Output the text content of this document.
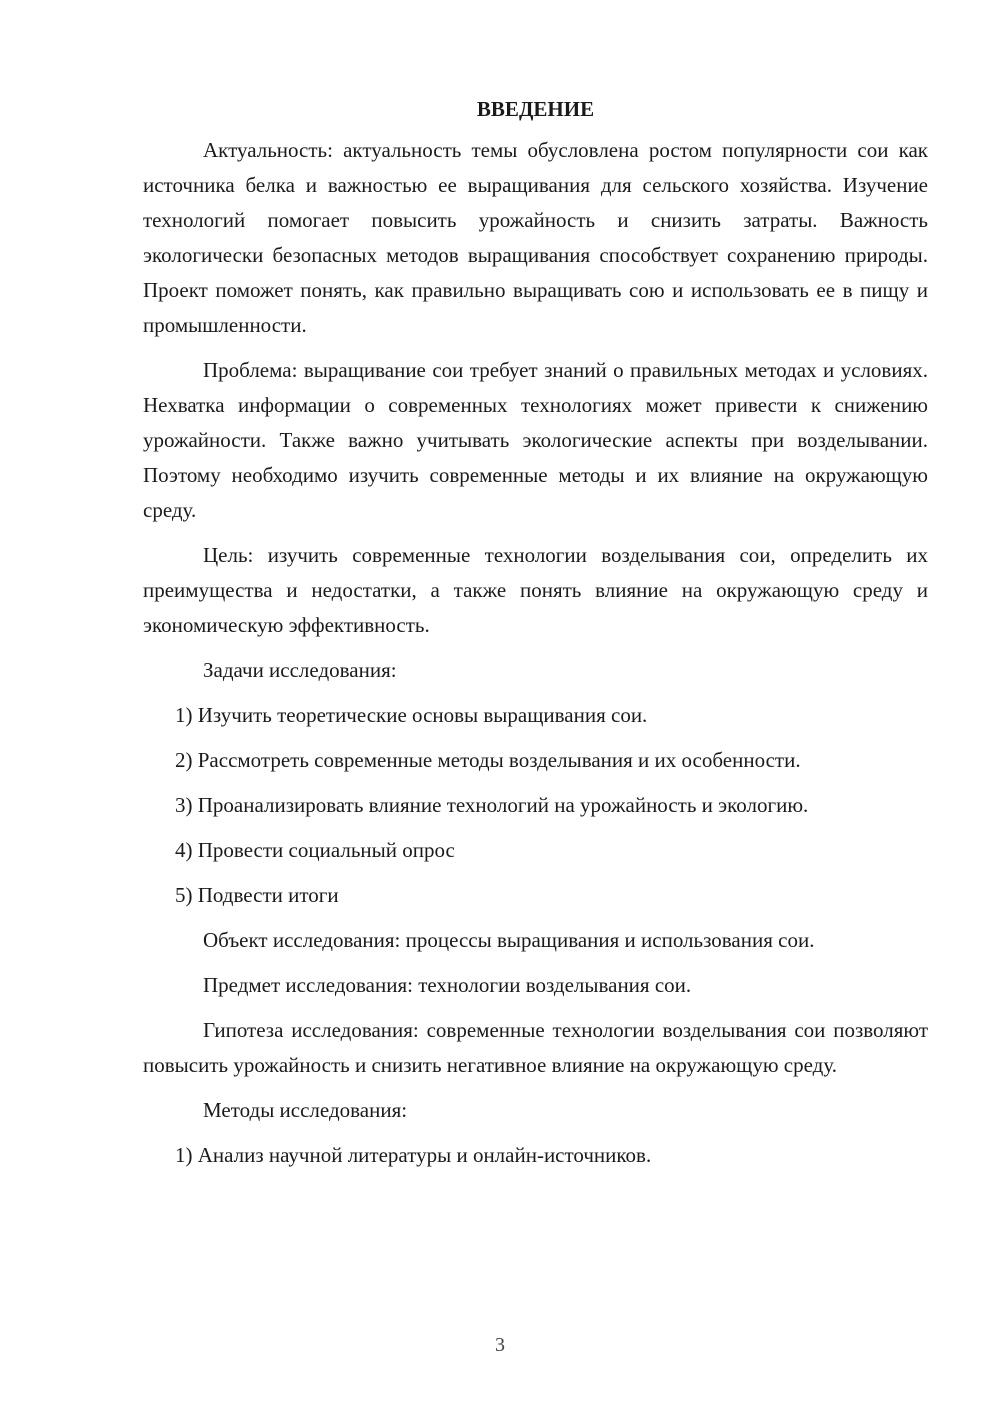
ВВЕДЕНИЕ

Актуальность: актуальность темы обусловлена ростом популярности сои как источника белка и важностью ее выращивания для сельского хозяйства. Изучение технологий помогает повысить урожайность и снизить затраты. Важность экологически безопасных методов выращивания способствует сохранению природы. Проект поможет понять, как правильно выращивать сою и использовать ее в пищу и промышленности.

Проблема: выращивание сои требует знаний о правильных методах и условиях. Нехватка информации о современных технологиях может привести к снижению урожайности. Также важно учитывать экологические аспекты при возделывании. Поэтому необходимо изучить современные методы и их влияние на окружающую среду.

Цель: изучить современные технологии возделывания сои, определить их преимущества и недостатки, а также понять влияние на окружающую среду и экономическую эффективность.

Задачи исследования:

1) Изучить теоретические основы выращивания сои.

2) Рассмотреть современные методы возделывания и их особенности.

3) Проанализировать влияние технологий на урожайность и экологию.

4) Провести социальный опрос

5) Подвести итоги

Объект исследования: процессы выращивания и использования сои.

Предмет исследования: технологии возделывания сои.

Гипотеза исследования: современные технологии возделывания сои позволяют повысить урожайность и снизить негативное влияние на окружающую среду.

Методы исследования:

1) Анализ научной литературы и онлайн-источников.

3
